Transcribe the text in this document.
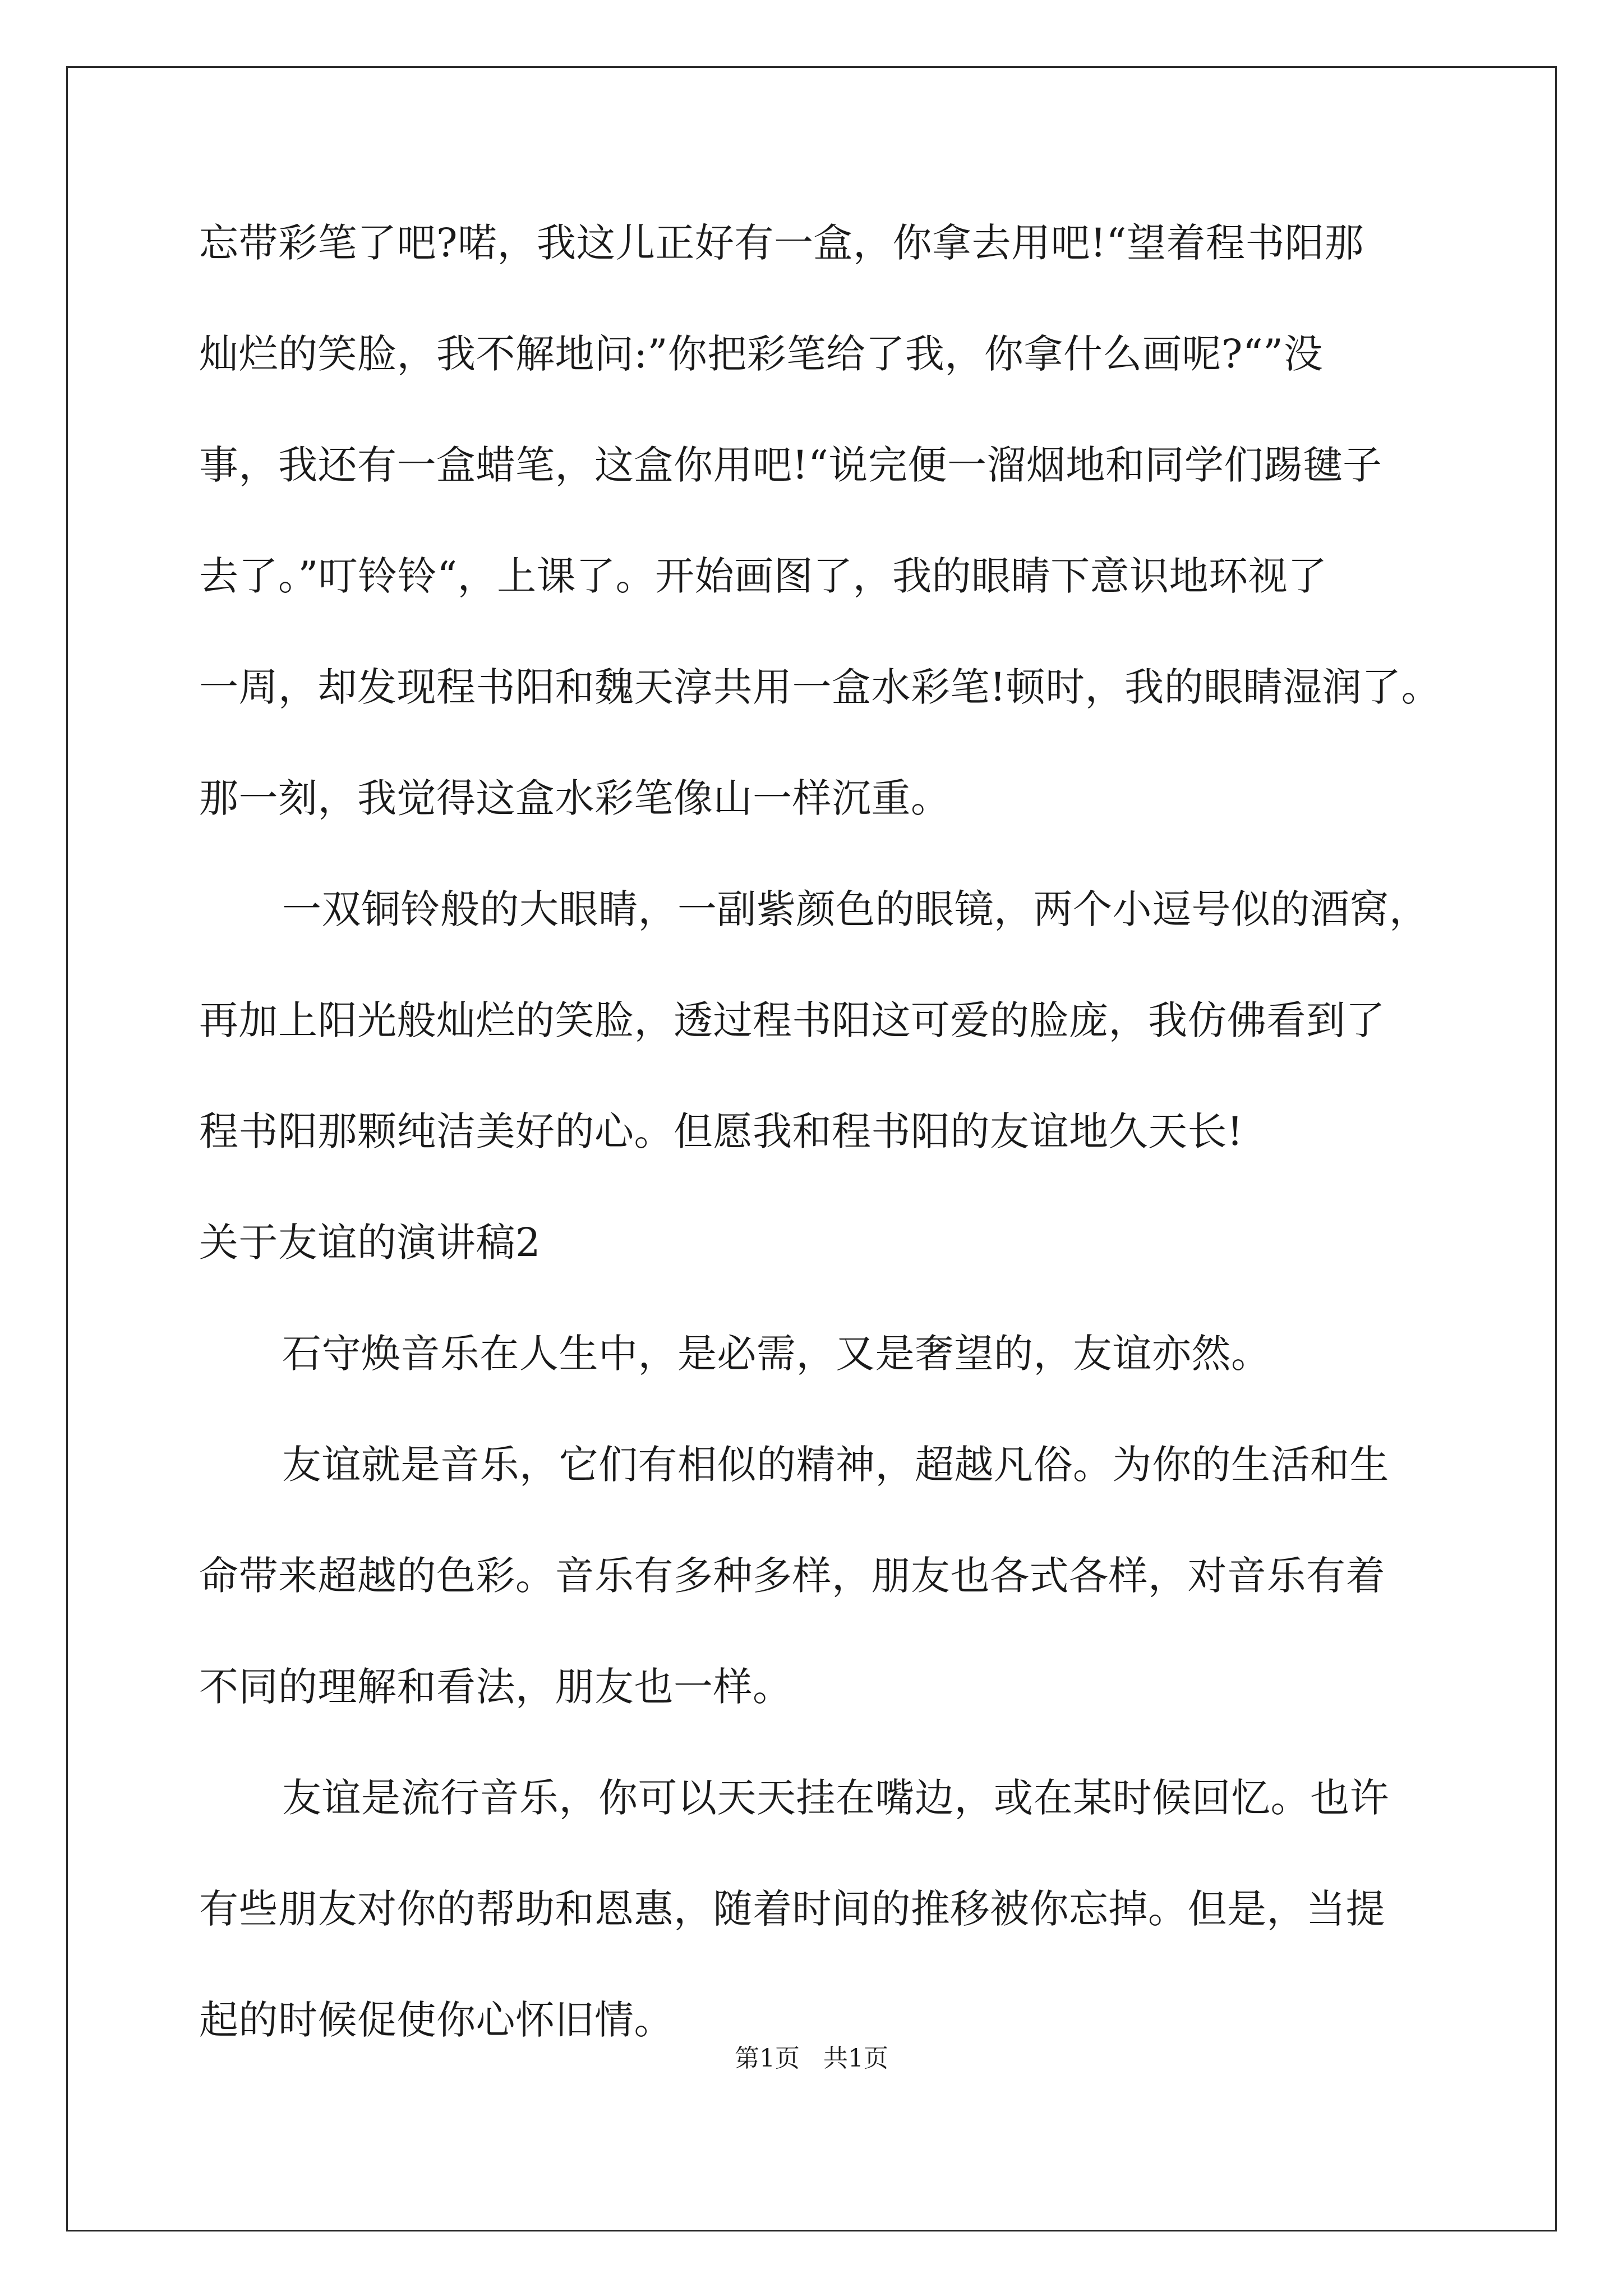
忘带彩笔了吧?喏，我这儿正好有一盒，你拿去用吧!“望着程书阳那
灿烂的笑脸，我不解地问:”你把彩笔给了我，你拿什么画呢?“”没
事，我还有一盒蜡笔，这盒你用吧!“说完便一溜烟地和同学们踢毽子
去了。”叮铃铃“，上课了。开始画图了，我的眼睛下意识地环视了
一周，却发现程书阳和魏天淳共用一盒水彩笔!顿时，我的眼睛湿润了。
那一刻，我觉得这盒水彩笔像山一样沉重。
一双铜铃般的大眼睛，一副紫颜色的眼镜，两个小逗号似的酒窝，
再加上阳光般灿烂的笑脸，透过程书阳这可爱的脸庞，我仿佛看到了
程书阳那颗纯洁美好的心。但愿我和程书阳的友谊地久天长!
关于友谊的演讲稿2
石守焕音乐在人生中，是必需，又是奢望的，友谊亦然。
友谊就是音乐，它们有相似的精神，超越凡俗。为你的生活和生
命带来超越的色彩。音乐有多种多样，朋友也各式各样，对音乐有着
不同的理解和看法，朋友也一样。
友谊是流行音乐，你可以天天挂在嘴边，或在某时候回忆。也许
有些朋友对你的帮助和恩惠，随着时间的推移被你忘掉。但是，当提
起的时候促使你心怀旧情。
第1页   共1页
